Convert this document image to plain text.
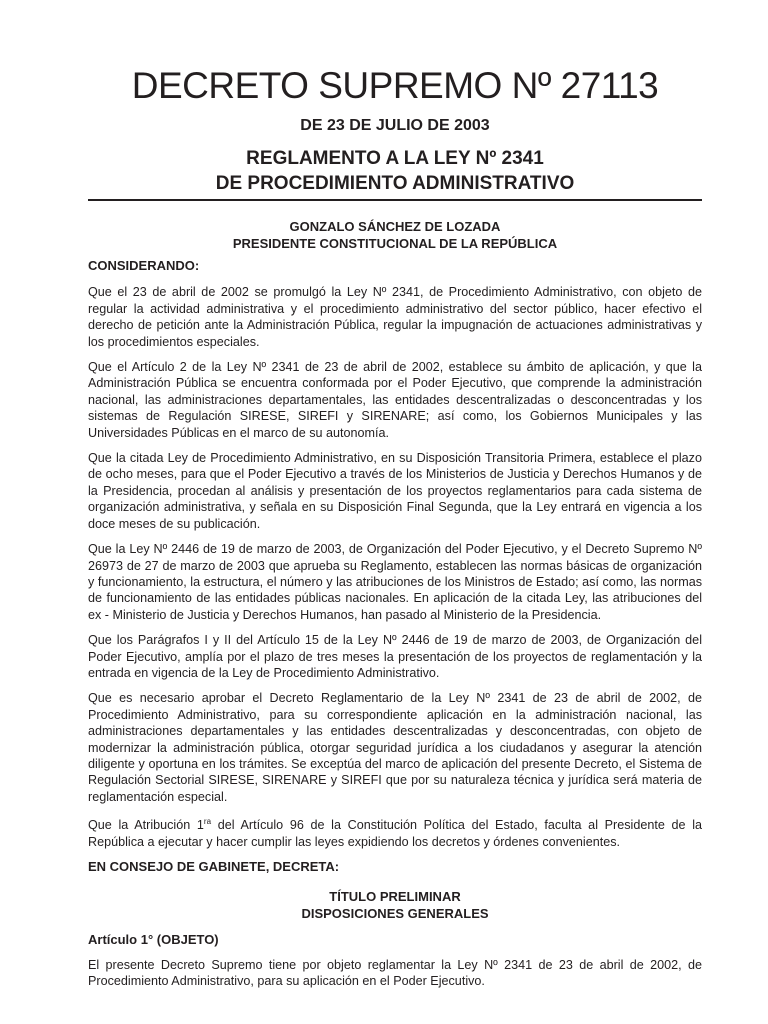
DECRETO SUPREMO Nº 27113
DE 23 DE JULIO DE 2003
REGLAMENTO A LA LEY Nº 2341
DE PROCEDIMIENTO ADMINISTRATIVO
GONZALO SÁNCHEZ DE LOZADA
PRESIDENTE CONSTITUCIONAL DE LA REPÚBLICA
CONSIDERANDO:

Que el 23 de abril de 2002 se promulgó la Ley Nº 2341, de Procedimiento Administrativo, con objeto de regular la actividad administrativa y el procedimiento administrativo del sector público, hacer efectivo el derecho de petición ante la Administración Pública, regular la impugnación de actuaciones administrativas y los procedimientos especiales.

Que el Artículo 2 de la Ley Nº 2341 de 23 de abril de 2002, establece su ámbito de aplicación, y que la Administración Pública se encuentra conformada por el Poder Ejecutivo, que comprende la administración nacional, las administraciones departamentales, las entidades descentralizadas o desconcentradas y los sistemas de Regulación SIRESE, SIREFI y SIRENARE; así como, los Gobiernos Municipales y las Universidades Públicas en el marco de su autonomía.

Que la citada Ley de Procedimiento Administrativo, en su Disposición Transitoria Primera, establece el plazo de ocho meses, para que el Poder Ejecutivo a través de los Ministerios de Justicia y Derechos Humanos y de la Presidencia, procedan al análisis y presentación de los proyectos reglamentarios para cada sistema de organización administrativa, y señala en su Disposición Final Segunda, que la Ley entrará en vigencia a los doce meses de su publicación.

Que la Ley Nº 2446 de 19 de marzo de 2003, de Organización del Poder Ejecutivo, y el Decreto Supremo Nº 26973 de 27 de marzo de 2003 que aprueba su Reglamento, establecen las normas básicas de organización y funcionamiento, la estructura, el número y las atribuciones de los Ministros de Estado; así como, las normas de funcionamiento de las entidades públicas nacionales. En aplicación de la citada Ley, las atribuciones del ex - Ministerio de Justicia y Derechos Humanos, han pasado al Ministerio de la Presidencia.

Que los Parágrafos I y II del Artículo 15 de la Ley Nº 2446 de 19 de marzo de 2003, de Organización del Poder Ejecutivo, amplía por el plazo de tres meses la presentación de los proyectos de reglamentación y la entrada en vigencia de la Ley de Procedimiento Administrativo.

Que es necesario aprobar el Decreto Reglamentario de la Ley Nº 2341 de 23 de abril de 2002, de Procedimiento Administrativo, para su correspondiente aplicación en la administración nacional, las administraciones departamentales y las entidades descentralizadas y desconcentradas, con objeto de modernizar la administración pública, otorgar seguridad jurídica a los ciudadanos y asegurar la atención diligente y oportuna en los trámites. Se exceptúa del marco de aplicación del presente Decreto, el Sistema de Regulación Sectorial SIRESE, SIRENARE y SIREFI que por su naturaleza técnica y jurídica será materia de reglamentación especial.

Que la Atribución $1^{ra}$ del Artículo 96 de la Constitución Política del Estado, faculta al Presidente de la República a ejecutar y hacer cumplir las leyes expidiendo los decretos y órdenes convenientes.

EN CONSEJO DE GABINETE, DECRETA:
TÍTULO PRELIMINAR
DISPOSICIONES GENERALES
Artículo 1° (OBJETO)

El presente Decreto Supremo tiene por objeto reglamentar la Ley Nº 2341 de 23 de abril de 2002, de Procedimiento Administrativo, para su aplicación en el Poder Ejecutivo.
